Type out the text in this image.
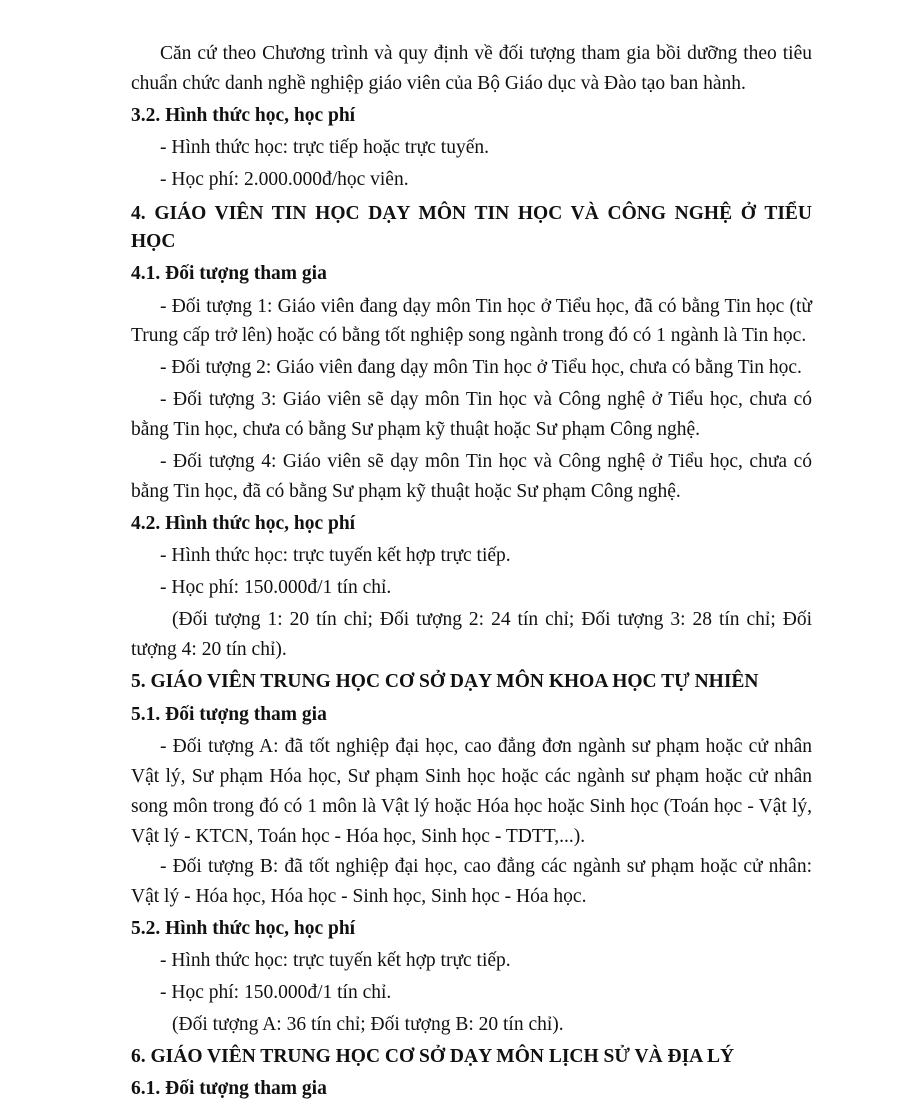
Căn cứ theo Chương trình và quy định về đối tượng tham gia bồi dưỡng theo tiêu
chuẩn chức danh nghề nghiệp giáo viên của Bộ Giáo dục và Đào tạo ban hành.
3.2. Hình thức học, học phí
- Hình thức học: trực tiếp hoặc trực tuyến.
- Học phí: 2.000.000đ/học viên.
4. GIÁO VIÊN TIN HỌC DẠY MÔN TIN HỌC VÀ CÔNG NGHỆ Ở TIỂU
HỌC
4.1. Đối tượng tham gia
- Đối tượng 1: Giáo viên đang dạy môn Tin học ở Tiểu học, đã có bằng Tin học (từ
Trung cấp trở lên) hoặc có bằng tốt nghiệp song ngành trong đó có 1 ngành là Tin học.
- Đối tượng 2: Giáo viên đang dạy môn Tin học ở Tiểu học, chưa có bằng Tin học.
- Đối tượng 3: Giáo viên sẽ dạy môn Tin học và Công nghệ ở Tiểu học, chưa có
bằng Tin học, chưa có bằng Sư phạm kỹ thuật hoặc Sư phạm Công nghệ.
- Đối tượng 4: Giáo viên sẽ dạy môn Tin học và Công nghệ ở Tiểu học, chưa có
bằng Tin học, đã có bằng Sư phạm kỹ thuật hoặc Sư phạm Công nghệ.
4.2. Hình thức học, học phí
- Hình thức học: trực tuyến kết hợp trực tiếp.
- Học phí: 150.000đ/1 tín chỉ.
(Đối tượng 1: 20 tín chỉ; Đối tượng 2: 24 tín chỉ; Đối tượng 3: 28 tín chỉ; Đối
tượng 4: 20 tín chỉ).
5. GIÁO VIÊN TRUNG HỌC CƠ SỞ DẠY MÔN KHOA HỌC TỰ NHIÊN
5.1. Đối tượng tham gia
- Đối tượng A: đã tốt nghiệp đại học, cao đẳng đơn ngành sư phạm hoặc cử nhân
Vật lý, Sư phạm Hóa học, Sư phạm Sinh học hoặc các ngành sư phạm hoặc cử nhân
song môn trong đó có 1 môn là Vật lý hoặc Hóa học hoặc Sinh học (Toán học - Vật lý,
Vật lý - KTCN, Toán học - Hóa học, Sinh học - TDTT,...).
- Đối tượng B: đã tốt nghiệp đại học, cao đẳng các ngành sư phạm hoặc cử nhân:
Vật lý - Hóa học, Hóa học - Sinh học, Sinh học - Hóa học.
5.2. Hình thức học, học phí
- Hình thức học: trực tuyến kết hợp trực tiếp.
- Học phí: 150.000đ/1 tín chỉ.
(Đối tượng A: 36 tín chỉ; Đối tượng B: 20 tín chỉ).
6. GIÁO VIÊN TRUNG HỌC CƠ SỞ DẠY MÔN LỊCH SỬ VÀ ĐỊA LÝ
6.1. Đối tượng tham gia
